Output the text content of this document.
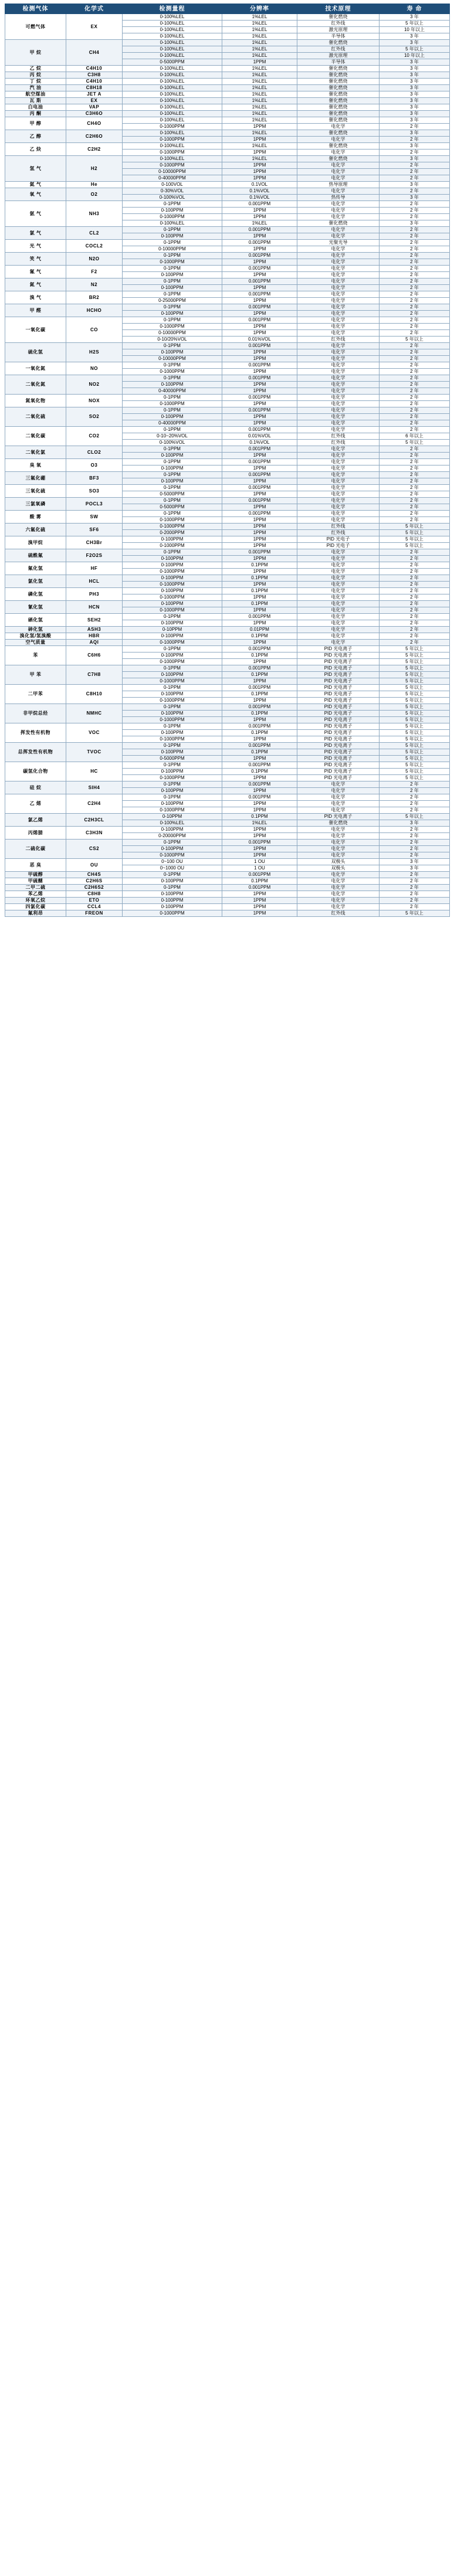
检测气体	化学式	检测量程	分辨率	技术原理	寿 命
可燃气体	EX	0-100%LEL	1%LEL	催化燃烧	3 年
		0-100%LEL	1%LEL	红外线	5 年以上
		0-100%LEL	1%LEL	激光原理	10 年以上
		0-100%LEL	1%LEL	半导体	3 年
甲 烷	CH4	0-100%LEL	1%LEL	催化燃烧	3 年
		0-100%LEL	1%LEL	红外线	5 年以上
		0-100%LEL	1%LEL	激光原理	10 年以上
		0-5000PPM	1PPM	半导体	3 年
乙 烷	C4H10	0-100%LEL	1%LEL	催化燃烧	3 年
丙 烷	C3H8	0-100%LEL	1%LEL	催化燃烧	3 年
丁 烷	C4H10	0-100%LEL	1%LEL	催化燃烧	3 年
汽 油	C8H18	0-100%LEL	1%LEL	催化燃烧	3 年
航空煤油	JET A	0-100%LEL	1%LEL	催化燃烧	3 年
瓦 斯	EX	0-100%LEL	1%LEL	催化燃烧	3 年
白电油	VAP	0-100%LEL	1%LEL	催化燃烧	3 年
丙 酮	C3H6O	0-100%LEL	1%LEL	催化燃烧	3 年
甲 醇	CH4O	0-100%LEL	1%LEL	催化燃烧	3 年
		0-1000PPM	1PPM	电化学	2 年
乙 醇	C2H6O	0-100%LEL	1%LEL	催化燃烧	3 年
		0-1000PPM	1PPM	电化学	2 年
乙 炔	C2H2	0-100%LEL	1%LEL	催化燃烧	3 年
		0-1000PPM	1PPM	电化学	2 年
氢 气	H2	0-100%LEL	1%LEL	催化燃烧	3 年
		0-1000PPM	1PPM	电化学	2 年
		0-10000PPM	1PPM	电化学	2 年
		0-40000PPM	1PPM	电化学	2 年
氦 气	He	0-100VOL	0.1VOL	热导原理	3 年
氧 气	O2	0-30%VOL	0.1%VOL	电化学	2 年
		0-100%VOL	0.1%VOL	热传导	3 年
氨 气	NH3	0-1PPM	0.001PPM	电化学	2 年
		0-100PPM	1PPM	电化学	2 年
		0-1000PPM	1PPM	电化学	2 年
		0-100%LEL	1%LEL	催化燃烧	3 年
氯 气	CL2	0-1PPM	0.001PPM	电化学	2 年
		0-100PPM	1PPM	电化学	2 年
光 气	COCL2	0-1PPM	0.001PPM	光聚光导	2 年
		0-10000PPM	1PPM	电化学	2 年
笑 气	N2O	0-1PPM	0.001PPM	电化学	2 年
		0-1000PPM	1PPM	电化学	2 年
氟 气	F2	0-1PPM	0.001PPM	电化学	2 年
		0-100PPM	1PPM	电化学	2 年
氮 气	N2	0-1PPM	0.001PPM	电化学	2 年
		0-100PPM	1PPM	电化学	2 年
溴 气	BR2	0-1PPM	0.001PPM	电化学	2 年
		0-25000PPM	1PPM	电化学	2 年
甲 醛	HCHO	0-1PPM	0.001PPM	电化学	2 年
		0-100PPM	1PPM	电化学	2 年
一氧化碳	CO	0-1PPM	0.001PPM	电化学	2 年
		0-1000PPM	1PPM	电化学	2 年
		0-10000PPM	1PPM	电化学	2 年
		0-10/20%VOL	0.01%VOL	红外线	5 年以上
硫化氢	H2S	0-1PPM	0.001PPM	电化学	2 年
		0-100PPM	1PPM	电化学	2 年
		0-10000PPM	1PPM	电化学	2 年
一氧化氮	NO	0-1PPM	0.001PPM	电化学	2 年
		0-1000PPM	1PPM	电化学	2 年
二氧化氮	NO2	0-1PPM	0.001PPM	电化学	2 年
		0-100PPM	1PPM	电化学	2 年
		0-40000PPM	1PPM	电化学	2 年
氮氧化物	NOX	0-1PPM	0.001PPM	电化学	2 年
		0-1000PPM	1PPM	电化学	2 年
二氧化硫	SO2	0-1PPM	0.001PPM	电化学	2 年
		0-100PPM	1PPM	电化学	2 年
		0-40000PPM	1PPM	电化学	2 年
二氧化碳	CO2	0-1PPM	0.001PPM	电化学	2 年
		0-10~20%VOL	0.01%VOL	红外线	6 年以上
		0-100%VOL	0.1%VOL	红外线	5 年以上
二氧化氯	CLO2	0-1PPM	0.001PPM	电化学	2 年
		0-100PPM	1PPM	电化学	2 年
臭 氧	O3	0-1PPM	0.001PPM	电化学	2 年
		0-100PPM	1PPM	电化学	2 年
三氟化硼	BF3	0-1PPM	0.001PPM	电化学	2 年
		0-100PPM	1PPM	电化学	2 年
三氧化硫	SO3	0-1PPM	0.001PPM	电化学	2 年
		0-5000PPM	1PPM	电化学	2 年
三氯氧磷	POCL3	0-1PPM	0.001PPM	电化学	2 年
		0-5000PPM	1PPM	电化学	2 年
酸 雾	SW	0-1PPM	0.001PPM	电化学	2 年
		0-1000PPM	1PPM	电化学	2 年
六氟化硫	SF6	0-1000PPM	1PPM	红外线	5 年以上
		0-2000PPM	1PPM	红外线	5 年以上
溴甲烷	CH3Br	0-100PPM	1PPM	PID 光电子	5 年以上
		0-1000PPM	1PPM	PID 光电子	5 年以上
硫酰氟	F2O2S	0-1PPM	0.001PPM	电化学	2 年
		0-100PPM	1PPM	电化学	2 年
氟化氢	HF	0-100PPM	0.1PPM	电化学	2 年
		0-1000PPM	1PPM	电化学	2 年
氯化氢	HCL	0-100PPM	0.1PPM	电化学	2 年
		0-1000PPM	1PPM	电化学	2 年
磷化氢	PH3	0-100PPM	0.1PPM	电化学	2 年
		0-1000PPM	1PPM	电化学	2 年
氰化氢	HCN	0-100PPM	0.1PPM	电化学	2 年
		0-1000PPM	1PPM	电化学	2 年
硒化氢	SEH2	0-1PPM	0.001PPM	电化学	2 年
		0-100PPM	1PPM	电化学	2 年
砷化氢	ASH3	0-10PPM	0.01PPM	电化学	2 年
溴化氢/氢溴酸	HBR	0-100PPM	0.1PPM	电化学	2 年
空气质量	AQI	0-1000PPM	1PPM	电化学	2 年
苯	C6H6	0-1PPM	0.001PPM	PID 光电离子	5 年以上
		0-100PPM	0.1PPM	PID 光电离子	5 年以上
		0-1000PPM	1PPM	PID 光电离子	5 年以上
甲 苯	C7H8	0-1PPM	0.001PPM	PID 光电离子	5 年以上
		0-100PPM	0.1PPM	PID 光电离子	5 年以上
		0-1000PPM	1PPM	PID 光电离子	5 年以上
二甲苯	C8H10	0-1PPM	0.001PPM	PID 光电离子	5 年以上
		0-100PPM	0.1PPM	PID 光电离子	5 年以上
		0-1000PPM	1PPM	PID 光电离子	5 年以上
非甲烷总烃	NMHC	0-1PPM	0.001PPM	PID 光电离子	5 年以上
		0-100PPM	0.1PPM	PID 光电离子	5 年以上
		0-1000PPM	1PPM	PID 光电离子	5 年以上
挥发性有机物	VOC	0-1PPM	0.001PPM	PID 光电离子	5 年以上
		0-100PPM	0.1PPM	PID 光电离子	5 年以上
		0-1000PPM	1PPM	PID 光电离子	5 年以上
总挥发性有机物	TVOC	0-1PPM	0.001PPM	PID 光电离子	5 年以上
		0-100PPM	0.1PPM	PID 光电离子	5 年以上
		0-5000PPM	1PPM	PID 光电离子	5 年以上
碳氢化合物	HC	0-1PPM	0.001PPM	PID 光电离子	5 年以上
		0-100PPM	0.1PPM	PID 光电离子	5 年以上
		0-1000PPM	1PPM	PID 光电离子	5 年以上
硅 烷	SIH4	0-1PPM	0.001PPM	电化学	2 年
		0-100PPM	1PPM	电化学	2 年
乙 烯	C2H4	0-1PPM	0.001PPM	电化学	2 年
		0-100PPM	1PPM	电化学	2 年
		0-1000PPM	1PPM	电化学	2 年
氯乙烯	C2H3CL	0-10PPM	0.1PPM	PID 光电离子	5 年以上
		0-100%LEL	1%LEL	催化燃烧	3 年
丙烯腈	C3H3N	0-100PPM	1PPM	电化学	2 年
		0-20000PPM	1PPM	电化学	2 年
二硫化碳	CS2	0-1PPM	0.001PPM	电化学	2 年
		0-100PPM	1PPM	电化学	2 年
		0-1000PPM	1PPM	电化学	2 年
恶 臭	OU	0~100 OU	1 OU	双极头	3 年
		0~1000 OU	1 OU	双极头	3 年
甲硫醇	CH4S	0-1PPM	0.001PPM	电化学	2 年
甲硫醚	C2H6S	0-100PPM	0.1PPM	电化学	2 年
二甲二硫	C2H6S2	0-1PPM	0.001PPM	电化学	2 年
苯乙烯	C8H8	0-100PPM	1PPM	电化学	2 年
环氧乙烷	ETO	0-100PPM	1PPM	电化学	2 年
四氯化碳	CCL4	0-100PPM	1PPM	电化学	2 年
氟利昂	FREON	0-1000PPM	1PPM	红外线	5 年以上
